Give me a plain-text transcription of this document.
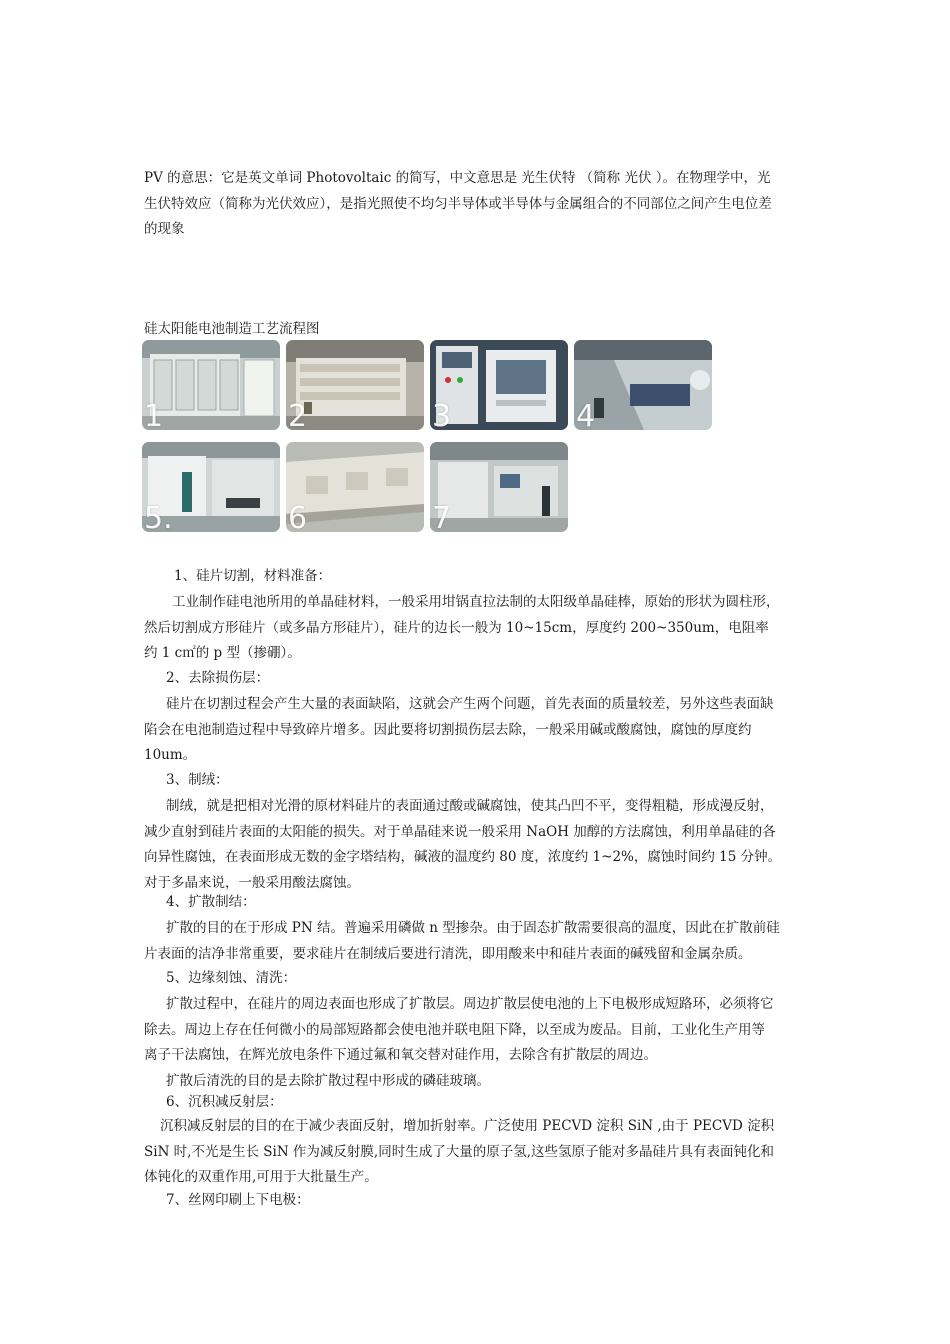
PV 的意思：它是英文单词 Photovoltaic 的简写，中文意思是 光生伏特 （简称 光伏 ）。在物理学中，光
生伏特效应（简称为光伏效应），是指光照使不均匀半导体或半导体与金属组合的不同部位之间产生电位差
的现象
硅太阳能电池制造工艺流程图
1	2	3	4
5.	6	7
1、硅片切割，材料准备：
工业制作硅电池所用的单晶硅材料，一般采用坩锅直拉法制的太阳级单晶硅棒，原始的形状为圆柱形，
然后切割成方形硅片（或多晶方形硅片），硅片的边长一般为 10~15cm，厚度约 200~350um，电阻率
约 1 c㎡的 p 型（掺硼）。
2、去除损伤层：
硅片在切割过程会产生大量的表面缺陷，这就会产生两个问题，首先表面的质量较差，另外这些表面缺
陷会在电池制造过程中导致碎片增多。因此要将切割损伤层去除，一般采用碱或酸腐蚀，腐蚀的厚度约
10um。
3、制绒：
制绒，就是把相对光滑的原材料硅片的表面通过酸或碱腐蚀，使其凸凹不平，变得粗糙，形成漫反射，
减少直射到硅片表面的太阳能的损失。对于单晶硅来说一般采用 NaOH 加醇的方法腐蚀，利用单晶硅的各
向异性腐蚀，在表面形成无数的金字塔结构，碱液的温度约 80 度，浓度约 1~2%，腐蚀时间约 15 分钟。
对于多晶来说，一般采用酸法腐蚀。
4、扩散制结：
扩散的目的在于形成 PN 结。普遍采用磷做 n 型掺杂。由于固态扩散需要很高的温度，因此在扩散前硅
片表面的洁净非常重要，要求硅片在制绒后要进行清洗，即用酸来中和硅片表面的碱残留和金属杂质。
5、边缘刻蚀、清洗：
扩散过程中，在硅片的周边表面也形成了扩散层。周边扩散层使电池的上下电极形成短路环，必须将它
除去。周边上存在任何微小的局部短路都会使电池并联电阻下降，以至成为废品。目前，工业化生产用等
离子干法腐蚀，在辉光放电条件下通过氟和氧交替对硅作用，去除含有扩散层的周边。
扩散后清洗的目的是去除扩散过程中形成的磷硅玻璃。
6、沉积减反射层：
沉积减反射层的目的在于减少表面反射，增加折射率。广泛使用 PECVD 淀积 SiN ,由于 PECVD 淀积
SiN 时,不光是生长 SiN 作为减反射膜,同时生成了大量的原子氢,这些氢原子能对多晶硅片具有表面钝化和
体钝化的双重作用,可用于大批量生产。
7、丝网印刷上下电极：
